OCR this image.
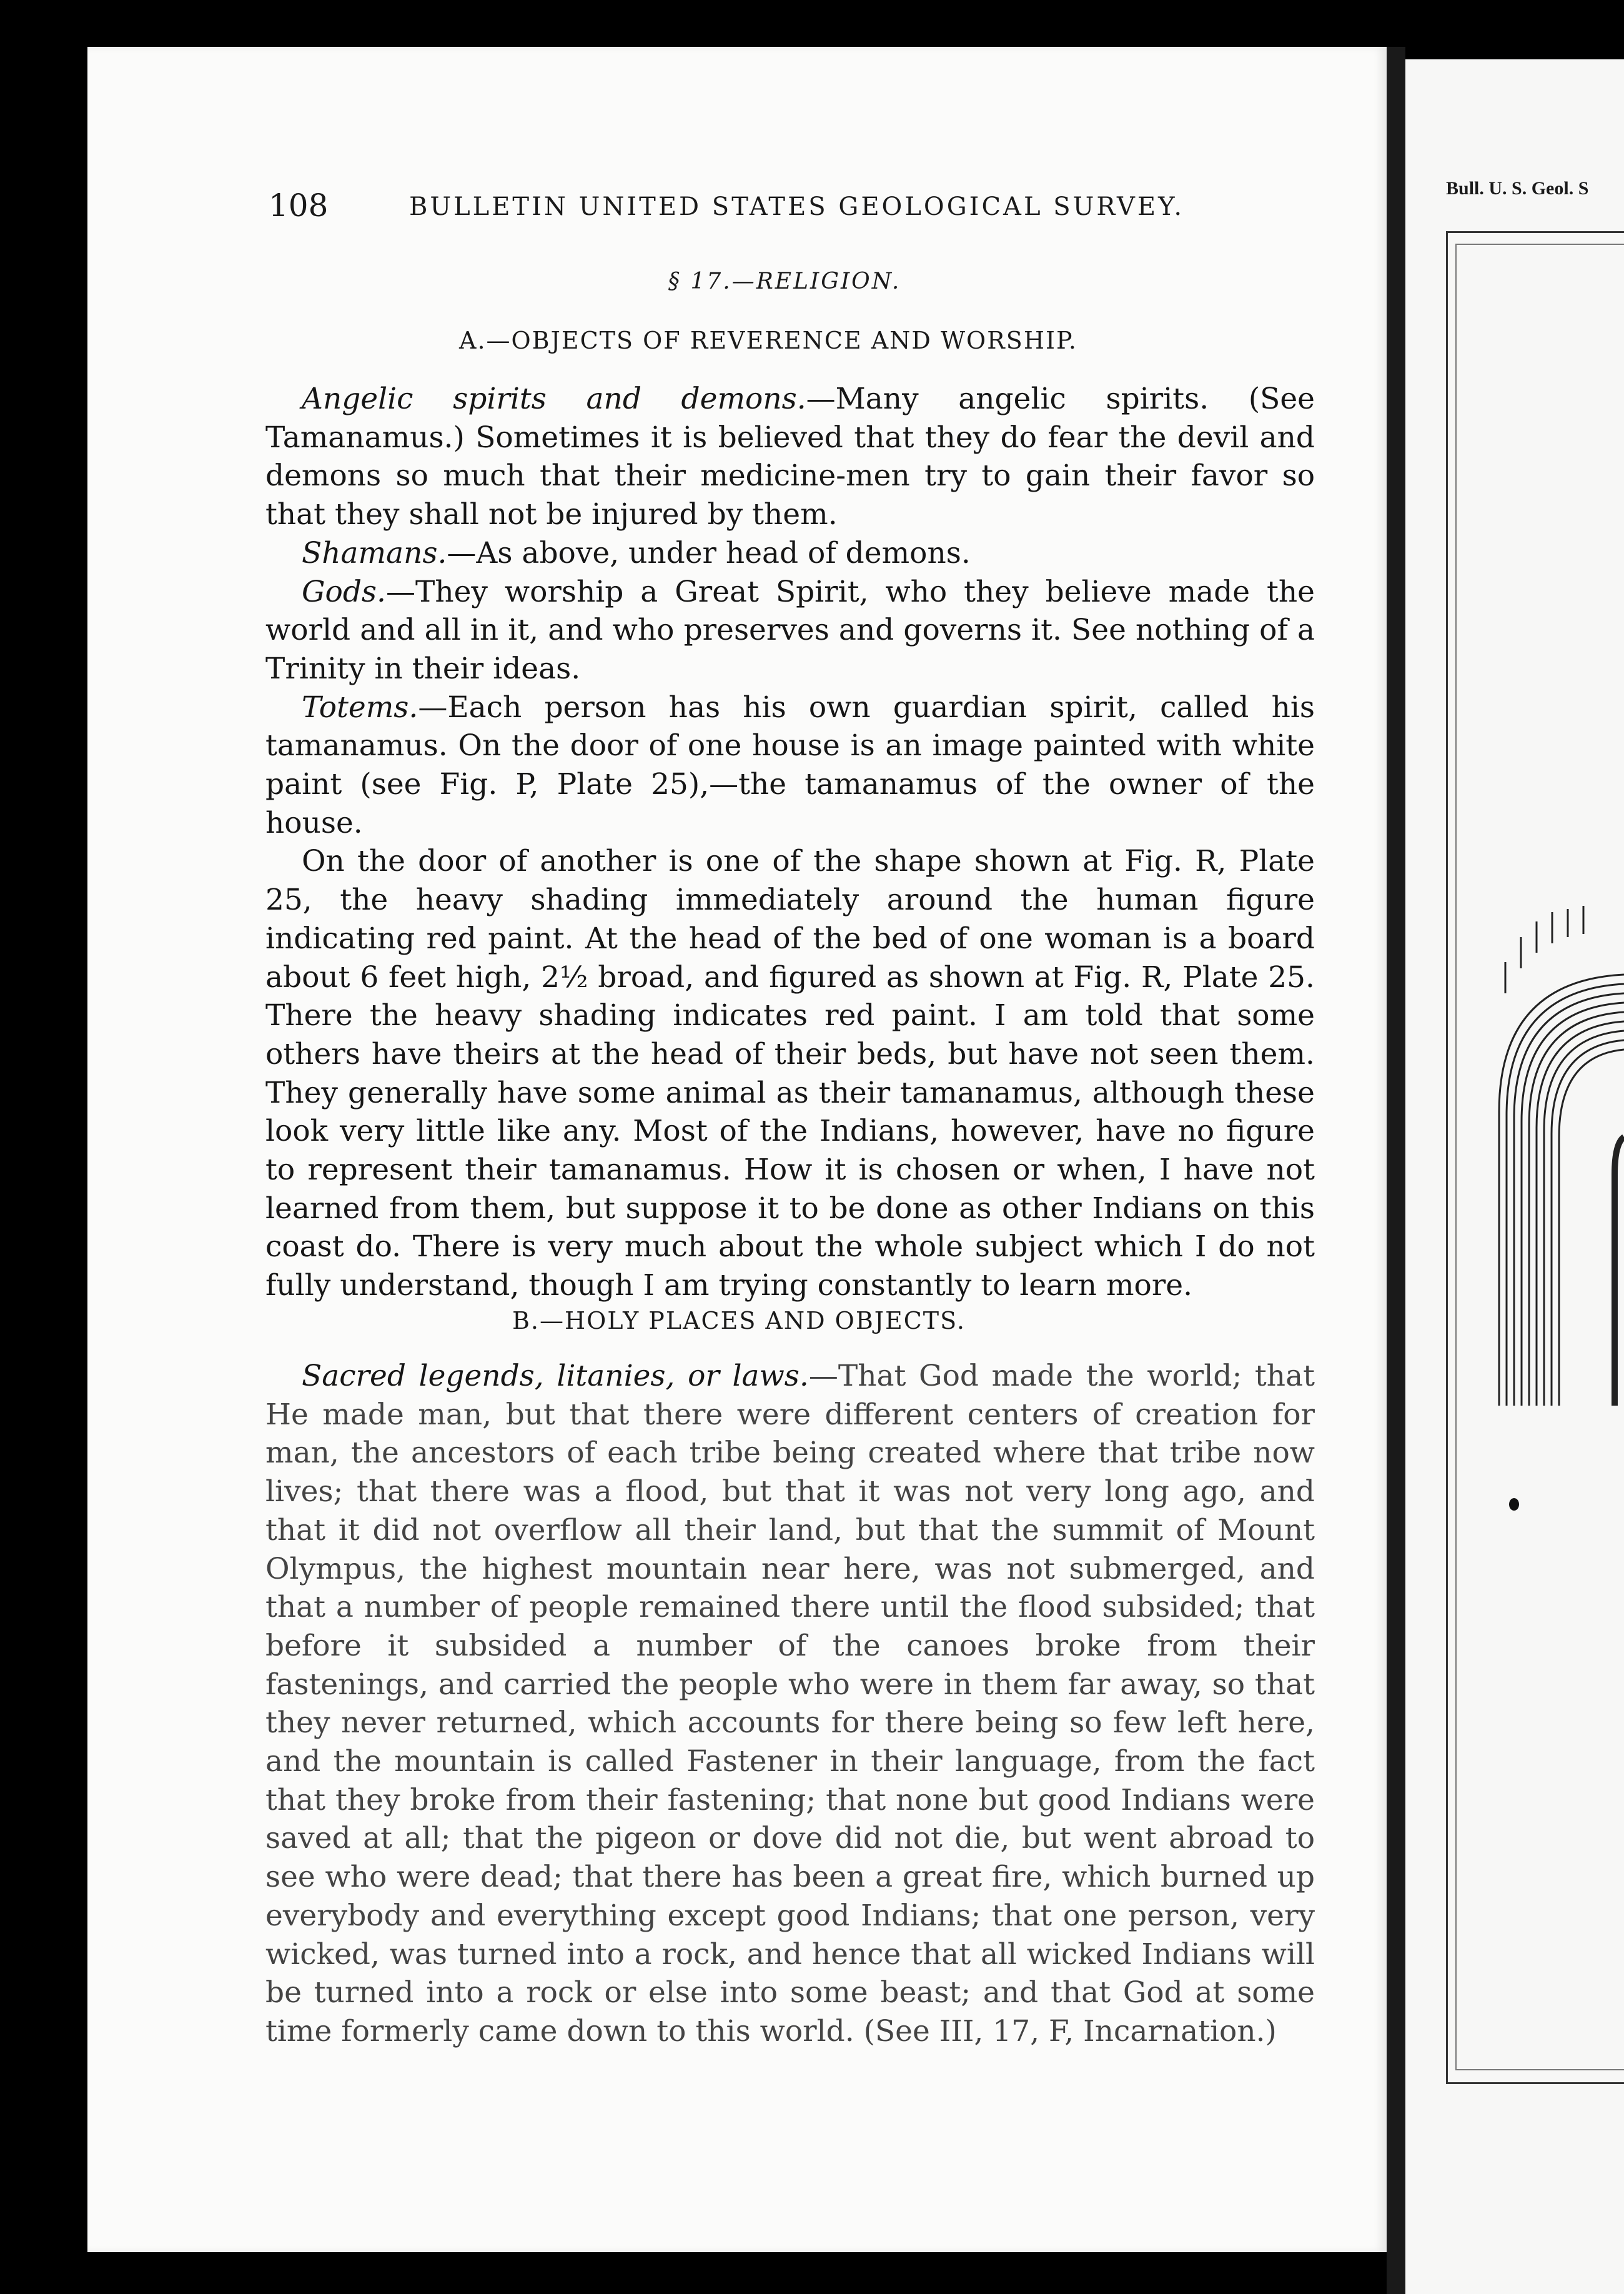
108	BULLETIN UNITED STATES GEOLOGICAL SURVEY.
§ 17.—RELIGION.
A.—OBJECTS OF REVERENCE AND WORSHIP.

Angelic spirits and demons.—Many angelic spirits. (See Tamanamus.) Sometimes it is believed that they do fear the devil and demons so much that their medicine-men try to gain their favor so that they shall not be injured by them.

Shamans.—As above, under head of demons.

Gods.—They worship a Great Spirit, who they believe made the world and all in it, and who preserves and governs it. See nothing of a Trinity in their ideas.

Totems.—Each person has his own guardian spirit, called his tamanamus. On the door of one house is an image painted with white paint (see Fig. P, Plate 25),—the tamanamus of the owner of the house.

On the door of another is one of the shape shown at Fig. R, Plate 25, the heavy shading immediately around the human figure indicating red paint. At the head of the bed of one woman is a board about 6 feet high, 2½ broad, and figured as shown at Fig. R, Plate 25. There the heavy shading indicates red paint. I am told that some others have theirs at the head of their beds, but have not seen them. They generally have some animal as their tamanamus, although these look very little like any. Most of the Indians, however, have no figure to represent their tamanamus. How it is chosen or when, I have not learned from them, but suppose it to be done as other Indians on this coast do. There is very much about the whole subject which I do not fully understand, though I am trying constantly to learn more.

B.—HOLY PLACES AND OBJECTS.

Sacred legends, litanies, or laws.—That God made the world; that He made man, but that there were different centers of creation for man, the ancestors of each tribe being created where that tribe now lives; that there was a flood, but that it was not very long ago, and that it did not overflow all their land, but that the summit of Mount Olympus, the highest mountain near here, was not submerged, and that a number of people remained there until the flood subsided; that before it subsided a number of the canoes broke from their fastenings, and carried the people who were in them far away, so that they never returned, which accounts for there being so few left here, and the mountain is called Fastener in their language, from the fact that they broke from their fastening; that none but good Indians were saved at all; that the pigeon or dove did not die, but went abroad to see who were dead; that there has been a great fire, which burned up everybody and everything except good Indians; that one person, very wicked, was turned into a rock, and hence that all wicked Indians will be turned into a rock or else into some beast; and that God at some time formerly came down to this world. (See III, 17, F, Incarnation.)

Bull. U. S. Geol. S
